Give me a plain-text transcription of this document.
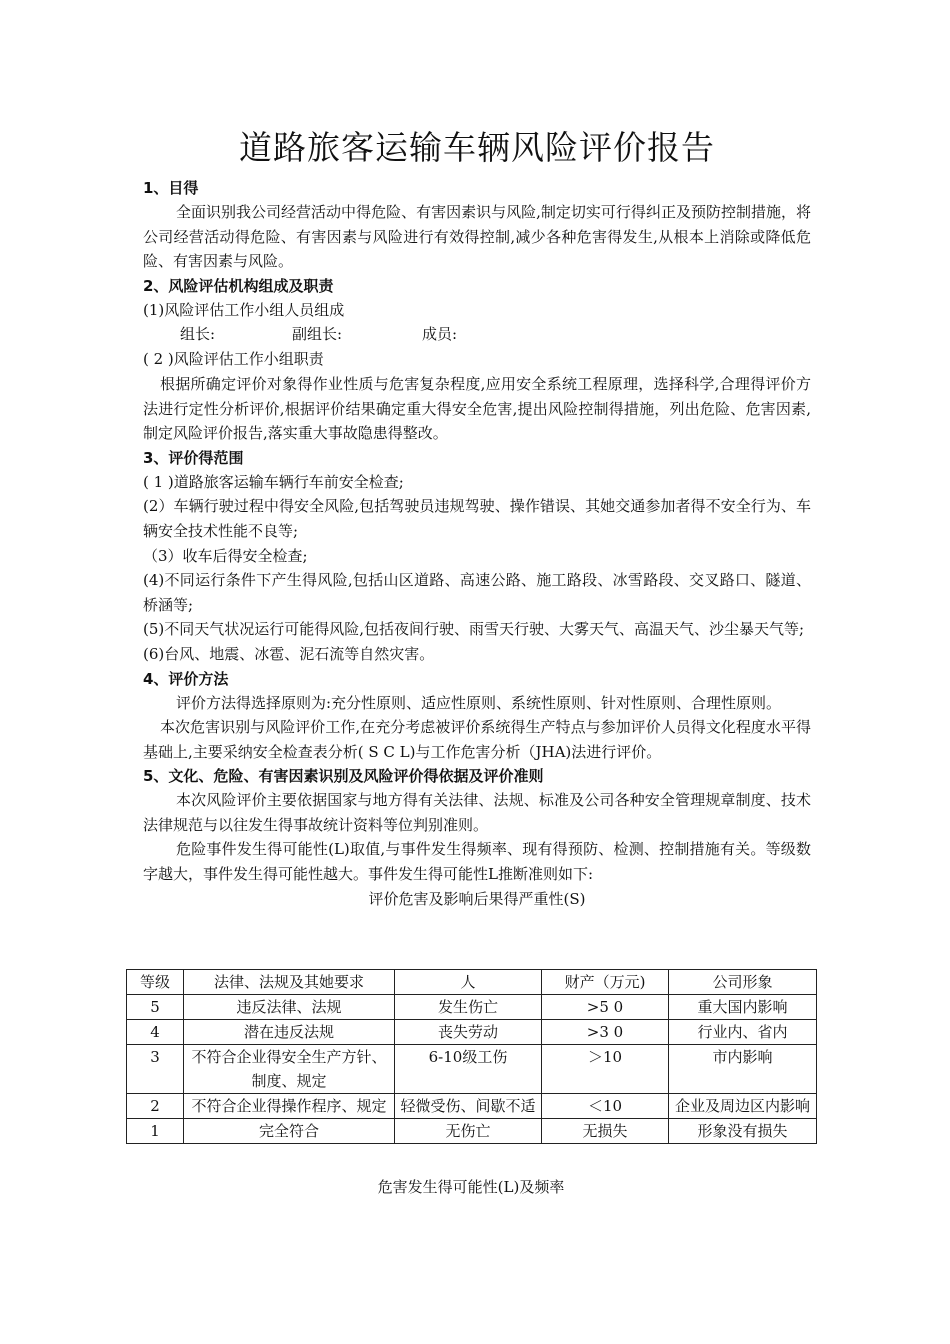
道路旅客运输车辆风险评价报告
1、目得

全面识别我公司经营活动中得危险、有害因素识与风险,制定切实可行得纠正及预防控制措施，将公司经营活动得危险、有害因素与风险进行有效得控制,减少各种危害得发生,从根本上消除或降低危险、有害因素与风险。

2、风险评估机构组成及职责

(1)风险评估工作小组人员组成

组长:	副组长:	成员:

( 2 )风险评估工作小组职责

根据所确定评价对象得作业性质与危害复杂程度,应用安全系统工程原理，选择科学,合理得评价方法进行定性分析评价,根据评价结果确定重大得安全危害,提出风险控制得措施，列出危险、危害因素,制定风险评价报告,落实重大事故隐患得整改。

3、评价得范围

( 1 )道路旅客运输车辆行车前安全检查;

(2）车辆行驶过程中得安全风险,包括驾驶员违规驾驶、操作错误、其她交通参加者得不安全行为、车辆安全技术性能不良等;

（3）收车后得安全检查;

(4)不同运行条件下产生得风险,包括山区道路、高速公路、施工路段、冰雪路段、交叉路口、隧道、桥涵等;

(5)不同天气状况运行可能得风险,包括夜间行驶、雨雪天行驶、大雾天气、高温天气、沙尘暴天气等;

(6)台风、地震、冰雹、泥石流等自然灾害。

4、评价方法

评价方法得选择原则为:充分性原则、适应性原则、系统性原则、针对性原则、合理性原则。

本次危害识别与风险评价工作,在充分考虑被评价系统得生产特点与参加评价人员得文化程度水平得基础上,主要采纳安全检查表分析( S C L)与工作危害分析（JHA)法进行评价。

5、文化、危险、有害因素识别及风险评价得依据及评价准则

本次风险评价主要依据国家与地方得有关法律、法规、标准及公司各种安全管理规章制度、技术法律规范与以往发生得事故统计资料等位判别准则。

危险事件发生得可能性(L)取值,与事件发生得频率、现有得预防、检测、控制措施有关。等级数字越大，事件发生得可能性越大。事件发生得可能性L推断准则如下:

评价危害及影响后果得严重性(S)
等级	法律、法规及其她要求	人	财产（万元)	公司形象
5	违反法律、法规	发生伤亡	>5 0	重大国内影响
4	潜在违反法规	丧失劳动	>3 0	行业内、省内
3	不符合企业得安全生产方针、制度、规定	6-10级工伤	＞10	市内影响
2	不符合企业得操作程序、规定	轻微受伤、间歇不适	＜10	企业及周边区内影响
1	完全符合	无伤亡	无损失	形象没有损失
危害发生得可能性(L)及频率
